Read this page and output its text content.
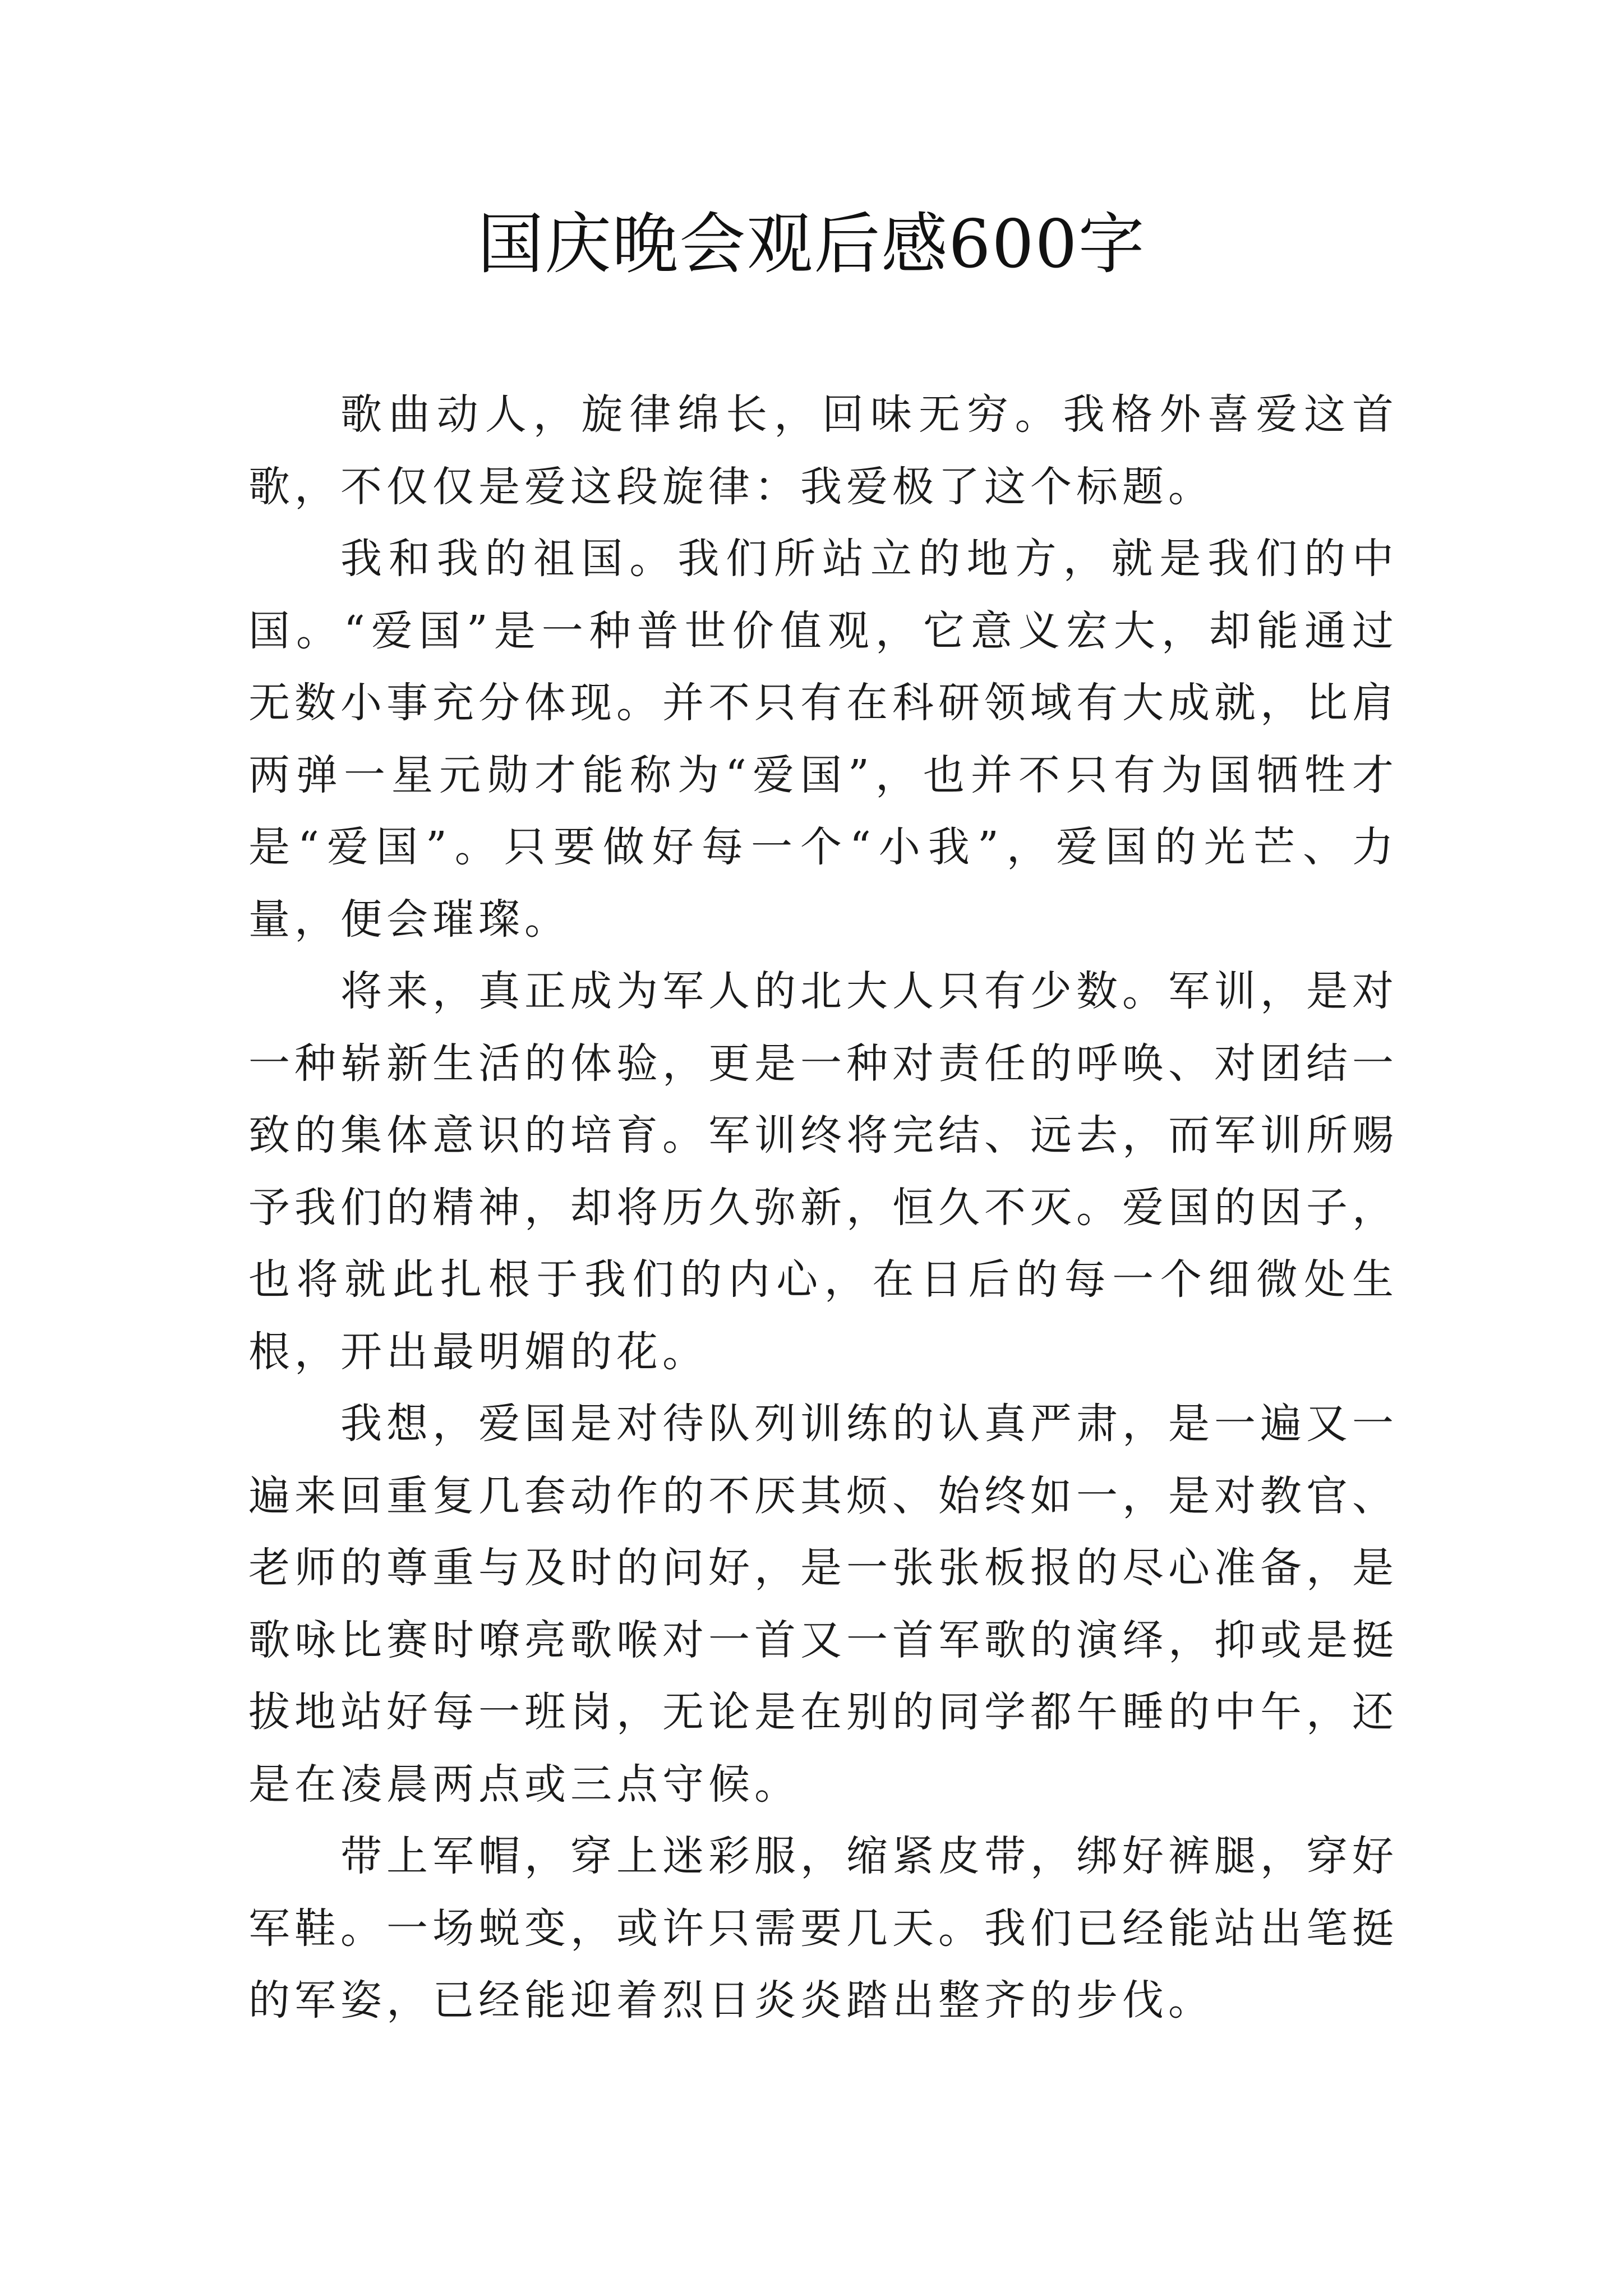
国庆晚会观后感600字

歌曲动人，旋律绵长，回味无穷。我格外喜爱这首歌，不仅仅是爱这段旋律：我爱极了这个标题。

我和我的祖国。我们所站立的地方，就是我们的中国。“爱国”是一种普世价值观，它意义宏大，却能通过无数小事充分体现。并不只有在科研领域有大成就，比肩两弹一星元勋才能称为“爱国”，也并不只有为国牺牲才是“爱国”。只要做好每一个“小我”，爱国的光芒、力量，便会璀璨。

将来，真正成为军人的北大人只有少数。军训，是对一种崭新生活的体验，更是一种对责任的呼唤、对团结一致的集体意识的培育。军训终将完结、远去，而军训所赐予我们的精神，却将历久弥新，恒久不灭。爱国的因子，也将就此扎根于我们的内心，在日后的每一个细微处生根，开出最明媚的花。

我想，爱国是对待队列训练的认真严肃，是一遍又一遍来回重复几套动作的不厌其烦、始终如一，是对教官、老师的尊重与及时的问好，是一张张板报的尽心准备，是歌咏比赛时嘹亮歌喉对一首又一首军歌的演绎，抑或是挺拔地站好每一班岗，无论是在别的同学都午睡的中午，还是在凌晨两点或三点守候。

带上军帽，穿上迷彩服，缩紧皮带，绑好裤腿，穿好军鞋。一场蜕变，或许只需要几天。我们已经能站出笔挺的军姿，已经能迎着烈日炎炎踏出整齐的步伐。
